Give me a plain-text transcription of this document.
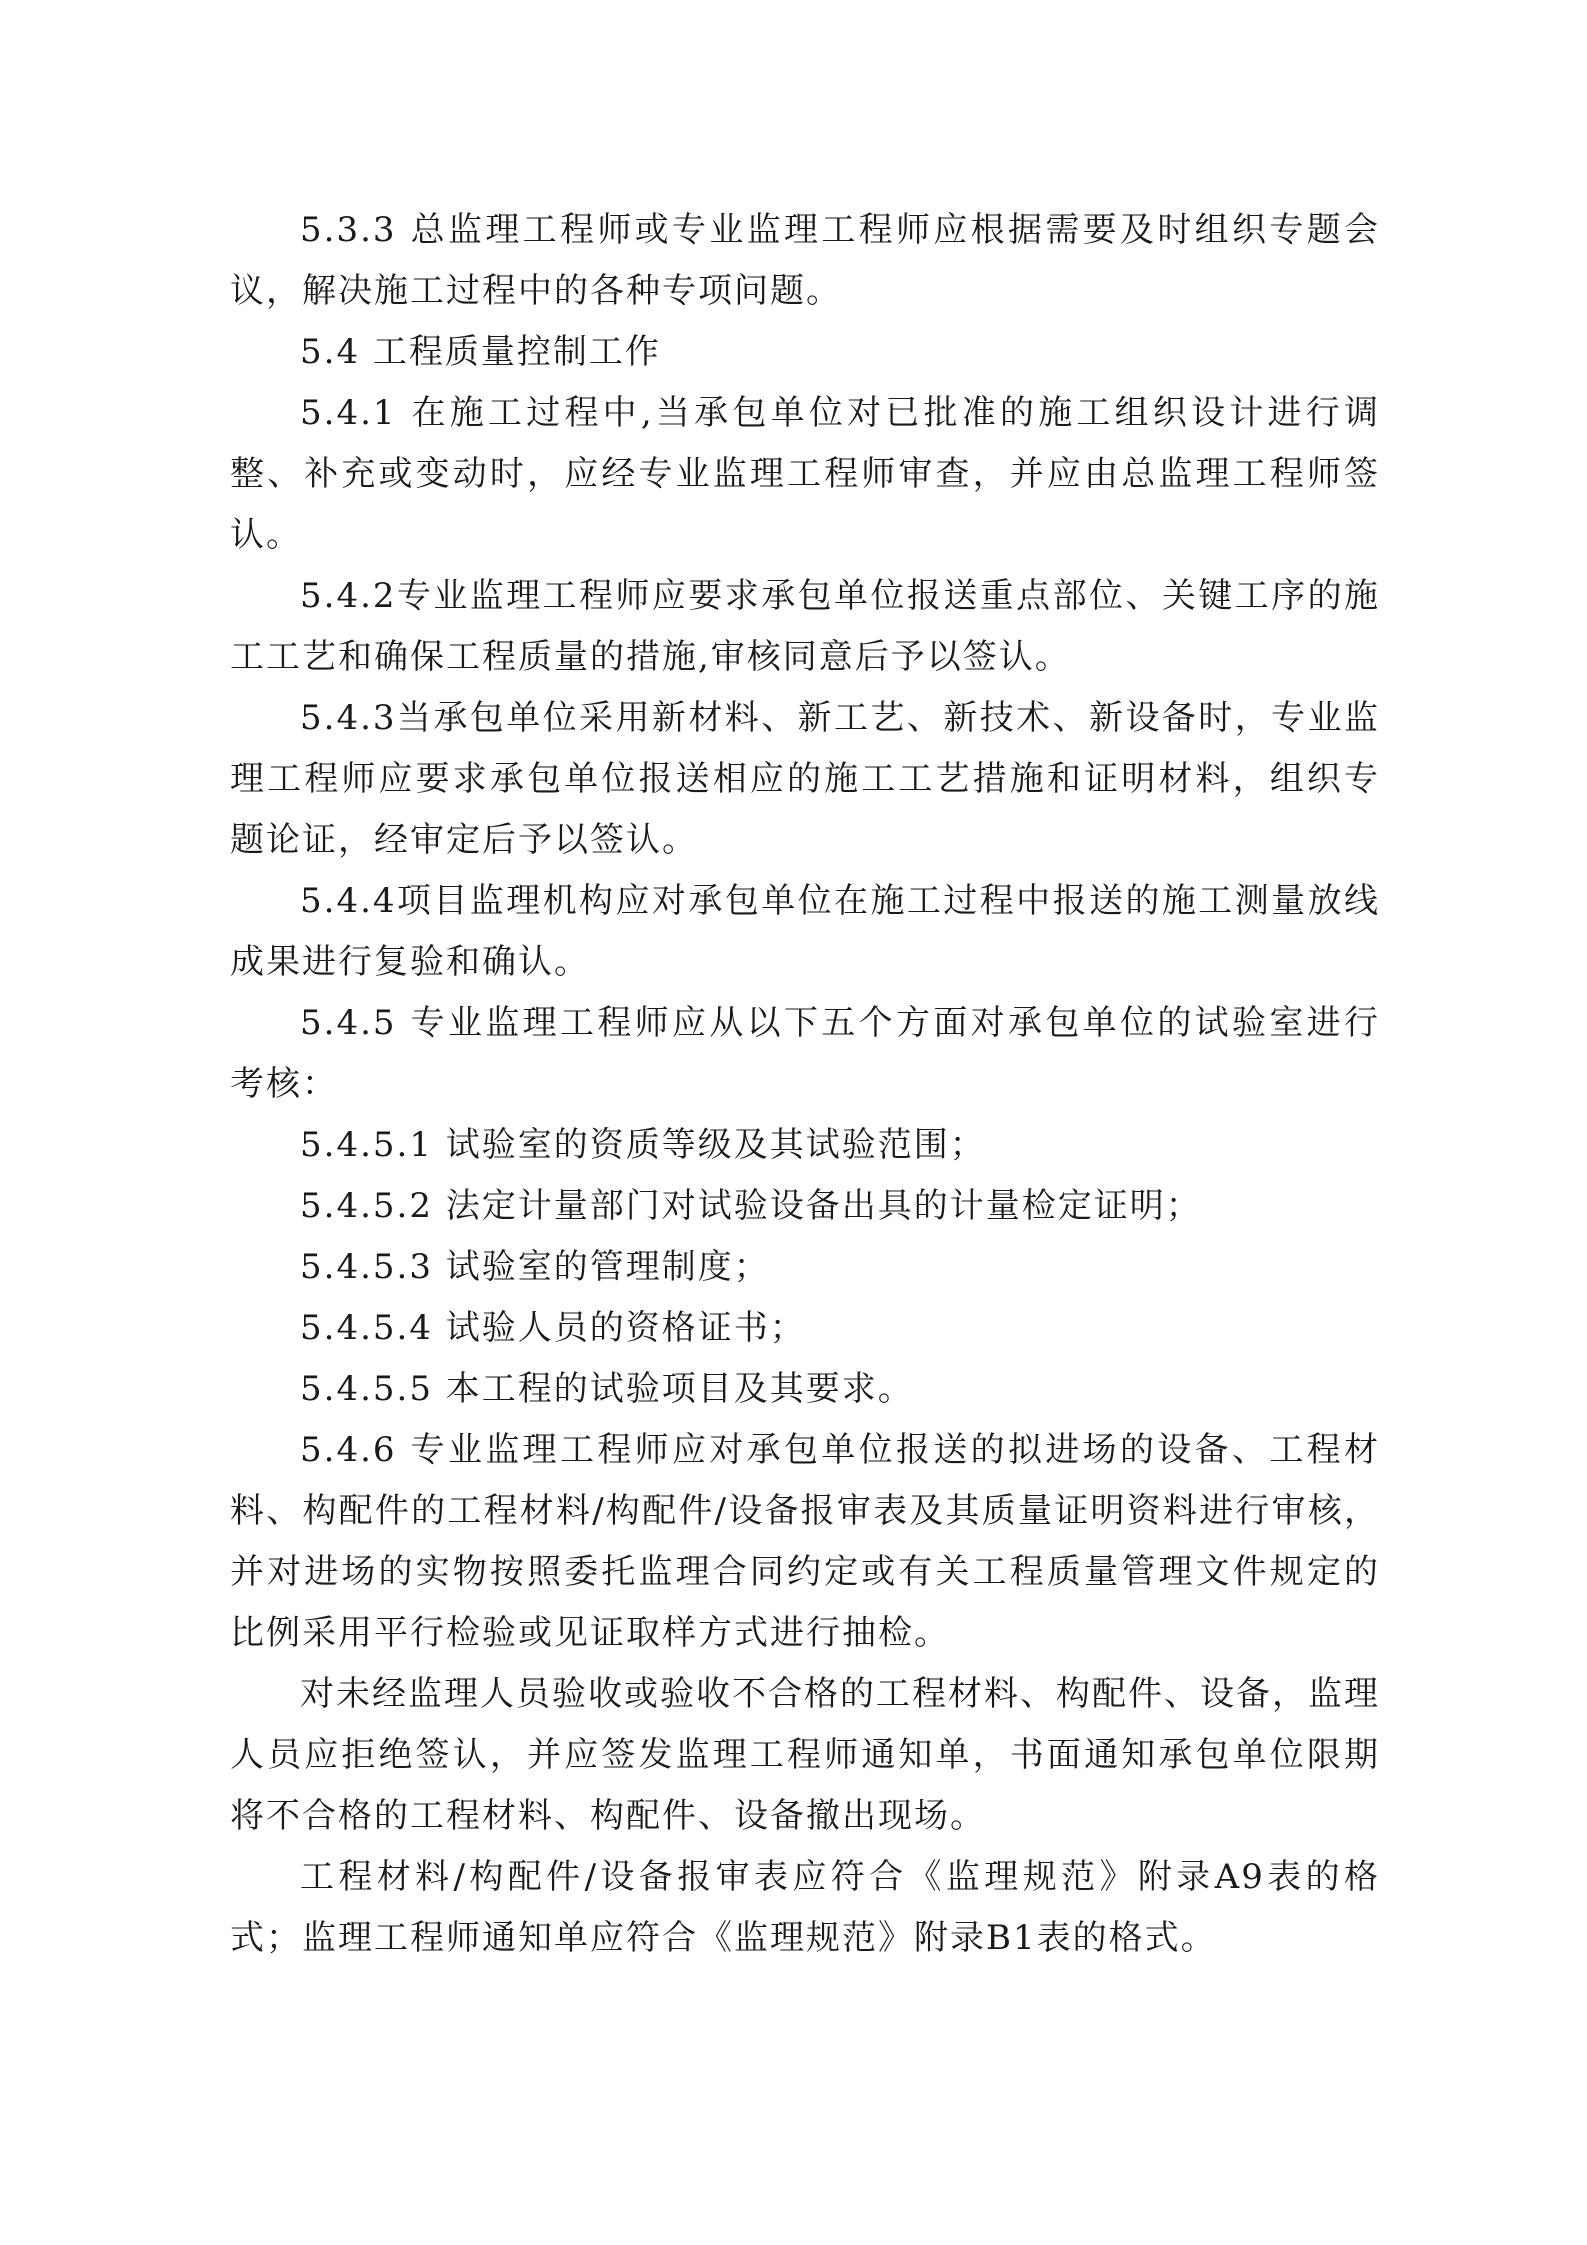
5.3.3 总监理工程师或专业监理工程师应根据需要及时组织专题会议，解决施工过程中的各种专项问题。

5.4 工程质量控制工作

5.4.1 在施工过程中,当承包单位对已批准的施工组织设计进行调整、补充或变动时，应经专业监理工程师审查，并应由总监理工程师签认。

5.4.2专业监理工程师应要求承包单位报送重点部位、关键工序的施工工艺和确保工程质量的措施,审核同意后予以签认。

5.4.3当承包单位采用新材料、新工艺、新技术、新设备时，专业监理工程师应要求承包单位报送相应的施工工艺措施和证明材料，组织专题论证，经审定后予以签认。

5.4.4项目监理机构应对承包单位在施工过程中报送的施工测量放线成果进行复验和确认。

5.4.5 专业监理工程师应从以下五个方面对承包单位的试验室进行考核：

5.4.5.1 试验室的资质等级及其试验范围；

5.4.5.2 法定计量部门对试验设备出具的计量检定证明；

5.4.5.3 试验室的管理制度；

5.4.5.4 试验人员的资格证书；

5.4.5.5 本工程的试验项目及其要求。

5.4.6 专业监理工程师应对承包单位报送的拟进场的设备、工程材料、构配件的工程材料/构配件/设备报审表及其质量证明资料进行审核，并对进场的实物按照委托监理合同约定或有关工程质量管理文件规定的比例采用平行检验或见证取样方式进行抽检。

对未经监理人员验收或验收不合格的工程材料、构配件、设备，监理人员应拒绝签认，并应签发监理工程师通知单，书面通知承包单位限期将不合格的工程材料、构配件、设备撤出现场。

工程材料/构配件/设备报审表应符合《监理规范》附录A9表的格式；监理工程师通知单应符合《监理规范》附录B1表的格式。
